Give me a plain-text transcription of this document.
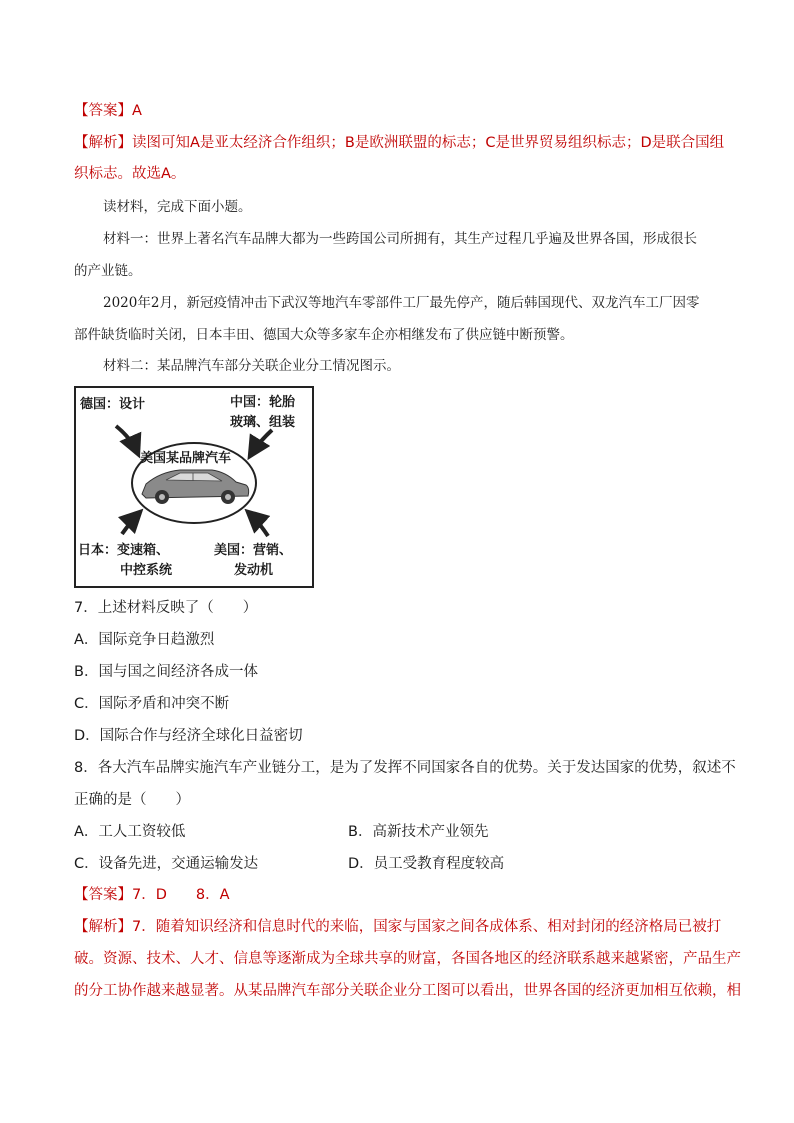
【答案】A
【解析】读图可知A是亚太经济合作组织；B是欧洲联盟的标志；C是世界贸易组织标志；D是联合国组
织标志。故选A。
读材料，完成下面小题。
材料一：世界上著名汽车品牌大都为一些跨国公司所拥有，其生产过程几乎遍及世界各国，形成很长
的产业链。
2020年2月，新冠疫情冲击下武汉等地汽车零部件工厂最先停产，随后韩国现代、双龙汽车工厂因零
部件缺货临时关闭，日本丰田、德国大众等多家车企亦相继发布了供应链中断预警。
材料二：某品牌汽车部分关联企业分工情况图示。
德国：设计	中国：轮胎
玻璃、组装
美国某品牌汽车
日本：变速箱、
中控系统
美国：营销、
发动机
7．上述材料反映了（　　）
A．国际竞争日趋激烈
B．国与国之间经济各成一体
C．国际矛盾和冲突不断
D．国际合作与经济全球化日益密切
8．各大汽车品牌实施汽车产业链分工，是为了发挥不同国家各自的优势。关于发达国家的优势，叙述不
正确的是（　　）
A．工人工资较低	B．高新技术产业领先
C．设备先进，交通运输发达	D．员工受教育程度较高
【答案】7．D　　8．A
【解析】7．随着知识经济和信息时代的来临，国家与国家之间各成体系、相对封闭的经济格局已被打
破。资源、技术、人才、信息等逐渐成为全球共享的财富，各国各地区的经济联系越来越紧密，产品生产
的分工协作越来越显著。从某品牌汽车部分关联企业分工图可以看出，世界各国的经济更加相互依赖，相
